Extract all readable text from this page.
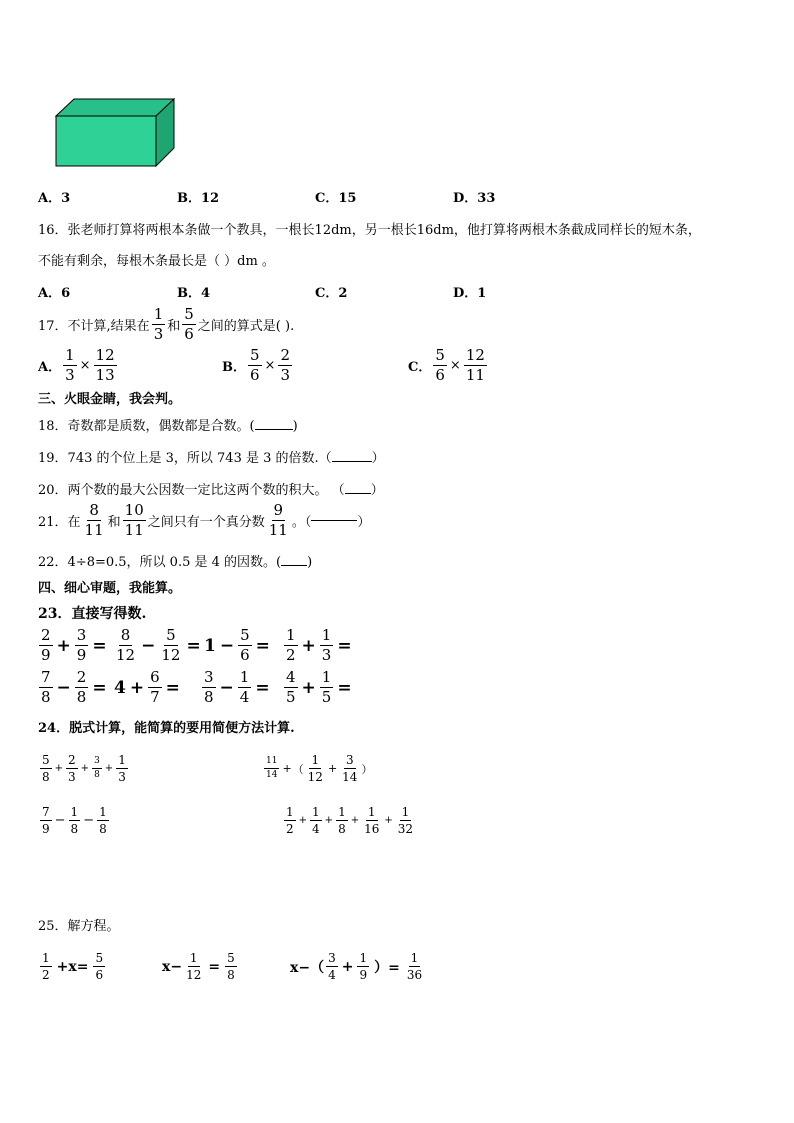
A．3	B．12	C．15	D．33
16．张老师打算将两根本条做一个教具，一根长12dm，另一根长16dm，他打算将两根木条截成同样长的短木条，
不能有剩余，每根木条最长是（ ）dm 。
A．6	B．4	C．2	D．1
17．不计算,结果在 $\frac{1}{3}$ 和 $\frac{5}{6}$ 之间的算式是( ).
A． $\frac{1}{3} \times \frac{12}{13}$	B． $\frac{5}{6} \times \frac{2}{3}$	C． $\frac{5}{6} \times \frac{12}{11}$
三、火眼金睛，我会判。
18．奇数都是质数，偶数都是合数。(	)
19．743 的个位上是 3，所以 743 是 3 的倍数.（	）
20．两个数的最大公因数一定比这两个数的积大。 （ ）
21．在 $\frac{8}{11}$ 和 $\frac{10}{11}$ 之间只有一个真分数 $\frac{9}{11}$ 。（	）
22．4÷8=0.5，所以 0.5 是 4 的因数。( )
四、细心审题，我能算。
23．直接写得数.
$\frac{2}{9} + \frac{3}{9} = \frac{8}{12} - \frac{5}{12} = 1 - \frac{5}{6} = \frac{1}{2} + \frac{1}{3}$ =
$\frac{7}{8} - \frac{2}{8} = 4 + \frac{6}{7} = \frac{3}{8} - \frac{1}{4} = \frac{4}{5} + \frac{1}{5}$ =
24．脱式计算，能简算的要用简便方法计算.
$\frac{5}{8} + \frac{2}{3} + \frac{3}{8} + \frac{1}{3}$	$\frac{11}{14}$ + （ $\frac{1}{12} + \frac{3}{14}$ ）
$\frac{7}{9} - \frac{1}{8} - \frac{1}{8}$	$\frac{1}{2} + \frac{1}{4} + \frac{1}{8} + \frac{1}{16} + \frac{1}{32}$
25．解方程。
$\frac{1}{2} +x= \frac{5}{6}$	$x- \frac{1}{12} = \frac{5}{8}$	$x-( \frac{3}{4} + \frac{1}{9}$ ）= $\frac{1}{36}$
